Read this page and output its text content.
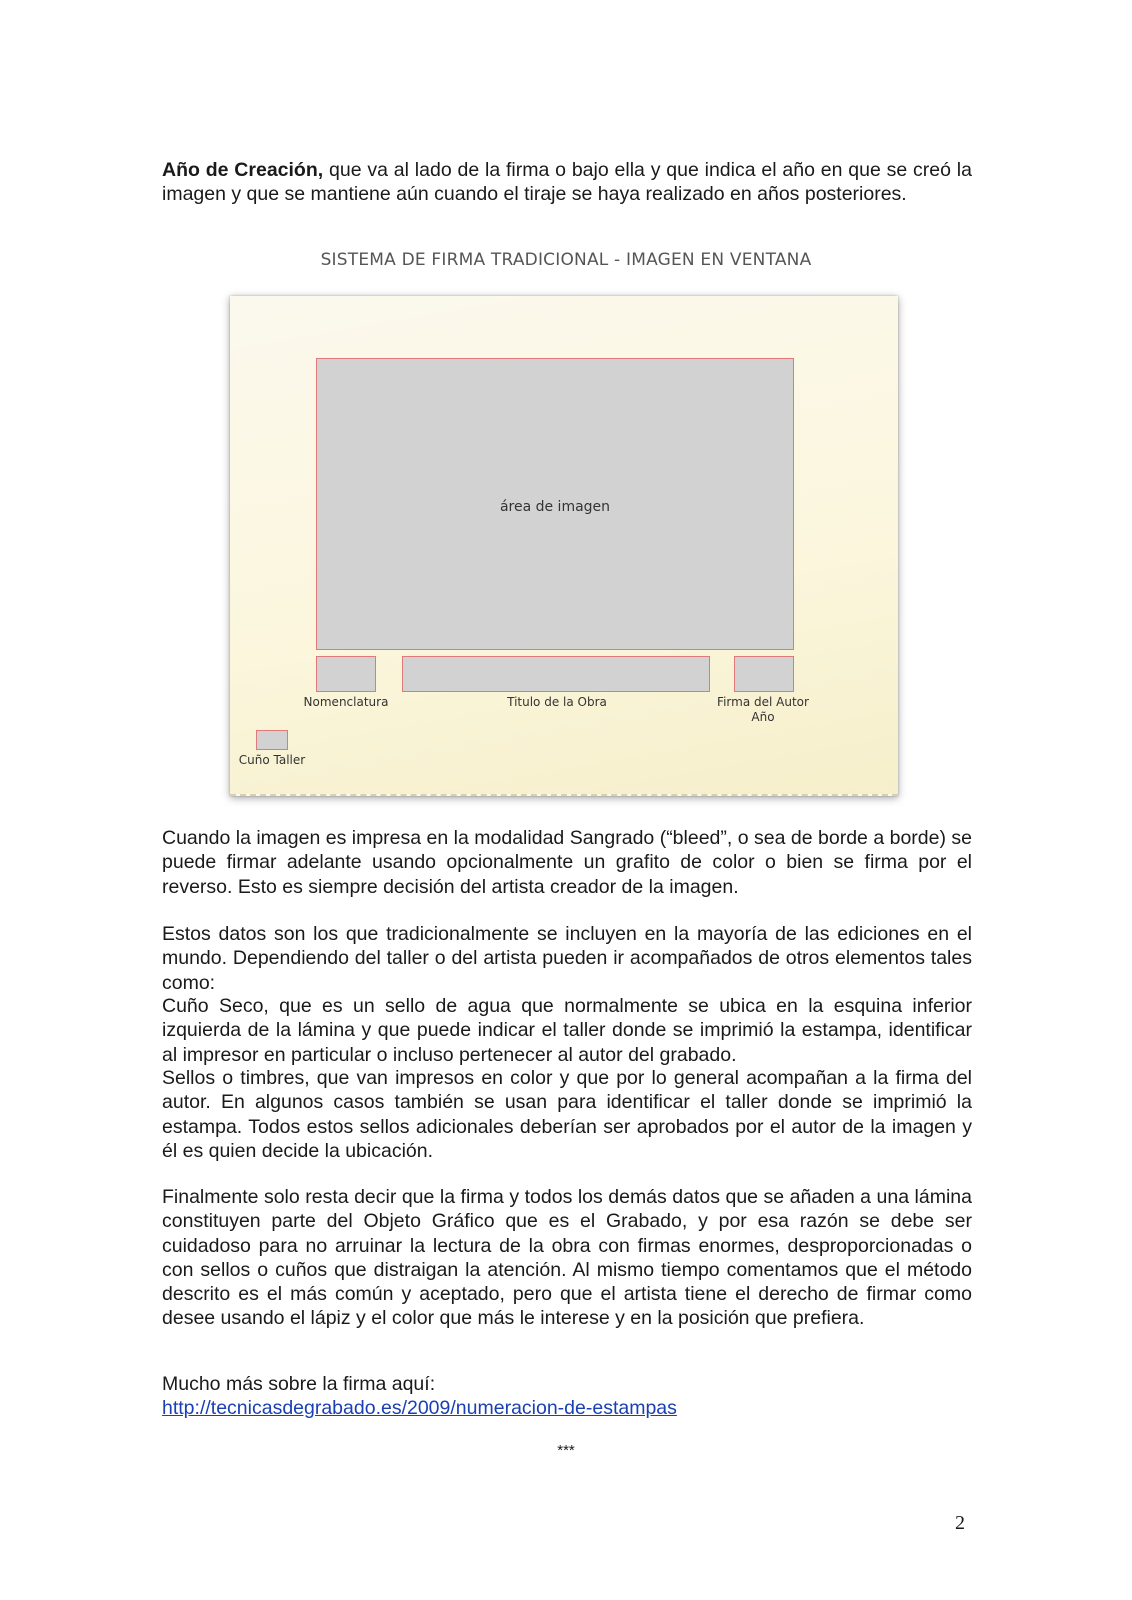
Año de Creación, que va al lado de la firma o bajo ella y que indica el año en que se creó la imagen y que se mantiene aún cuando el tiraje se haya realizado en años posteriores.

SISTEMA DE FIRMA TRADICIONAL - IMAGEN EN VENTANA
área de imagen
Nomenclatura	Titulo de la Obra	Firma del Autor
Año
Cuño Taller

Cuando la imagen es impresa en la modalidad Sangrado (“bleed”, o sea de borde a borde) se puede firmar adelante usando opcionalmente un grafito de color o bien se firma por el reverso. Esto es siempre decisión del artista creador de la imagen.

Estos datos son los que tradicionalmente se incluyen en la mayoría de las ediciones en el mundo. Dependiendo del taller o del artista pueden ir acompañados de otros elementos tales como:

Cuño Seco, que es un sello de agua que normalmente se ubica en la esquina inferior izquierda de la lámina y que puede indicar el taller donde se imprimió la estampa, identificar al impresor en particular o incluso pertenecer al autor del grabado.

Sellos o timbres, que van impresos en color y que por lo general acompañan a la firma del autor. En algunos casos también se usan para identificar el taller donde se imprimió la estampa. Todos estos sellos adicionales deberían ser aprobados por el autor de la imagen y él es quien decide la ubicación.

Finalmente solo resta decir que la firma y todos los demás datos que se añaden a una lámina constituyen parte del Objeto Gráfico que es el Grabado, y por esa razón se debe ser cuidadoso para no arruinar la lectura de la obra con firmas enormes, desproporcionadas o con sellos o cuños que distraigan la atención. Al mismo tiempo comentamos que el método descrito es el más común y aceptado, pero que el artista tiene el derecho de firmar como desee usando el lápiz y el color que más le interese y en la posición que prefiera.

Mucho más sobre la firma aquí:
http://tecnicasdegrabado.es/2009/numeracion-de-estampas

***
2
